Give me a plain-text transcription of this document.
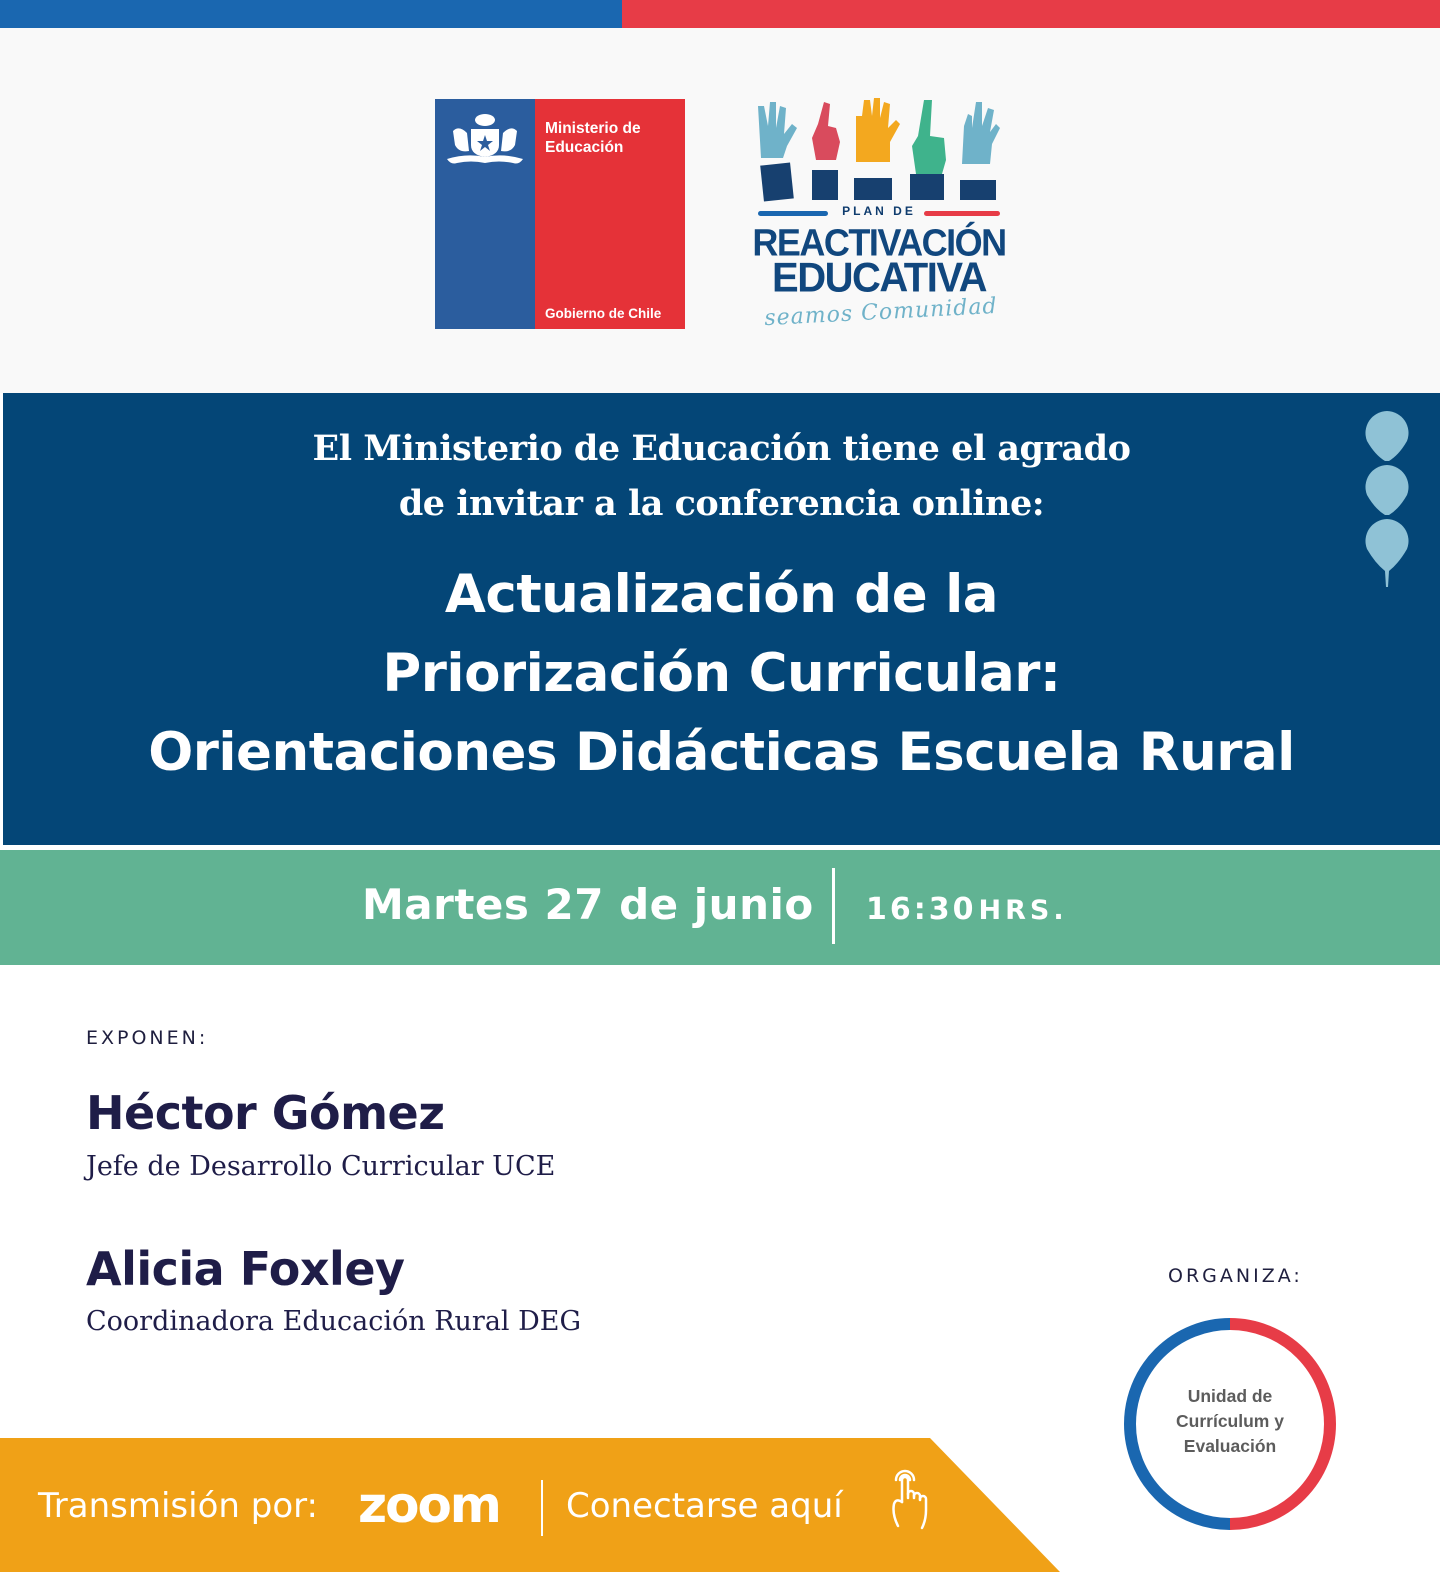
Ministerio de
Educación
Gobierno de Chile
PLAN DE
REACTIVACIÓN
EDUCATIVA
seamos Comunidad
El Ministerio de Educación tiene el agrado
de invitar a la conferencia online:
Actualización de la
Priorización Curricular:
Orientaciones Didácticas Escuela Rural
Martes 27 de junio 16:30HRS.
EXPONEN:
Héctor Gómez
Jefe de Desarrollo Curricular UCE
Alicia Foxley
Coordinadora Educación Rural DEG
ORGANIZA:
Unidad de
Currículum y
Evaluación
Transmisión por: zoom Conectarse aquí
